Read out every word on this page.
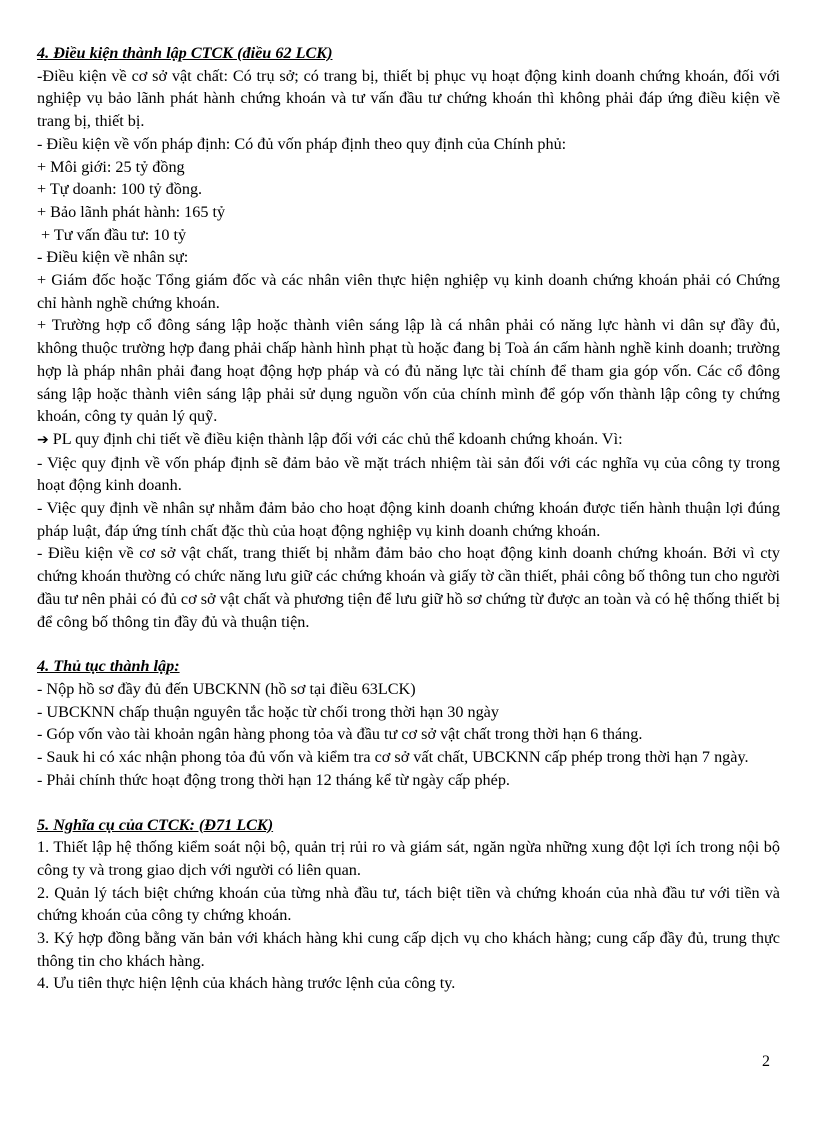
4. Điều kiện thành lập CTCK (điều 62 LCK)

-Điều kiện về cơ sở vật chất: Có trụ sở; có trang bị, thiết bị phục vụ hoạt động kinh doanh chứng khoán, đối với nghiệp vụ bảo lãnh phát hành chứng khoán và tư vấn đầu tư chứng khoán thì không phải đáp ứng điều kiện về trang bị, thiết bị.

- Điều kiện về vốn pháp định: Có đủ vốn pháp định theo quy định của Chính phủ:

+ Môi giới: 25 tỷ đồng

+ Tự doanh: 100 tỷ đồng.

+ Bảo lãnh phát hành: 165 tỷ

+ Tư vấn đầu tư: 10 tỷ

- Điều kiện về nhân sự:

+ Giám đốc hoặc Tổng giám đốc và các nhân viên thực hiện nghiệp vụ kinh doanh chứng khoán phải có Chứng chỉ hành nghề chứng khoán.

+ Trường hợp cổ đông sáng lập hoặc thành viên sáng lập là cá nhân phải có năng lực hành vi dân sự đầy đủ, không thuộc trường hợp đang phải chấp hành hình phạt tù hoặc đang bị Toà án cấm hành nghề kinh doanh; trường hợp là pháp nhân phải đang hoạt động hợp pháp và có đủ năng lực tài chính để tham gia góp vốn. Các cổ đông sáng lập hoặc thành viên sáng lập phải sử dụng nguồn vốn của chính mình để góp vốn thành lập công ty chứng khoán, công ty quản lý quỹ.

➔ PL quy định chi tiết về điều kiện thành lập đối với các chủ thể kdoanh chứng khoán. Vì:

- Việc quy định về vốn pháp định sẽ đảm bảo về mặt trách nhiệm tài sản đối với các nghĩa vụ của công ty trong hoạt động kinh doanh.

- Việc quy định về nhân sự nhằm đảm bảo cho hoạt động kinh doanh chứng khoán được tiến hành thuận lợi đúng pháp luật, đáp ứng tính chất đặc thù của hoạt động nghiệp vụ kinh doanh chứng khoán.

- Điều kiện về cơ sở vật chất, trang thiết bị nhằm đảm bảo cho hoạt động kinh doanh chứng khoán. Bởi vì cty chứng khoán thường có chức năng lưu giữ các chứng khoán và giấy tờ cần thiết, phải công bố thông tun cho người đầu tư nên phải có đủ cơ sở vật chất và phương tiện để lưu giữ hồ sơ chứng từ được an toàn và có hệ thống thiết bị để công bố thông tin đầy đủ và thuận tiện.

4. Thủ tục thành lập:

- Nộp hồ sơ đầy đủ đến UBCKNN (hồ sơ tại điều 63LCK)

- UBCKNN chấp thuận nguyên tắc hoặc từ chối trong thời hạn 30 ngày

- Góp vốn vào tài khoản ngân hàng phong tỏa và đầu tư cơ sở vật chất trong thời hạn 6 tháng.

- Sauk hi có xác nhận phong tỏa đủ vốn và kiểm tra cơ sở vất chất, UBCKNN cấp phép trong thời hạn 7 ngày.

- Phải chính thức hoạt động trong thời hạn 12 tháng kể từ ngày cấp phép.

5. Nghĩa cụ của CTCK: (Đ71 LCK)

1. Thiết lập hệ thống kiểm soát nội bộ, quản trị rủi ro và giám sát, ngăn ngừa những xung đột lợi ích trong nội bộ công ty và trong giao dịch với người có liên quan.

2. Quản lý tách biệt chứng khoán của từng nhà đầu tư, tách biệt tiền và chứng khoán của nhà đầu tư với tiền và chứng khoán của công ty chứng khoán.

3. Ký hợp đồng bằng văn bản với khách hàng khi cung cấp dịch vụ cho khách hàng; cung cấp đầy đủ, trung thực thông tin cho khách hàng.

4. Ưu tiên thực hiện lệnh của khách hàng trước lệnh của công ty.

2
